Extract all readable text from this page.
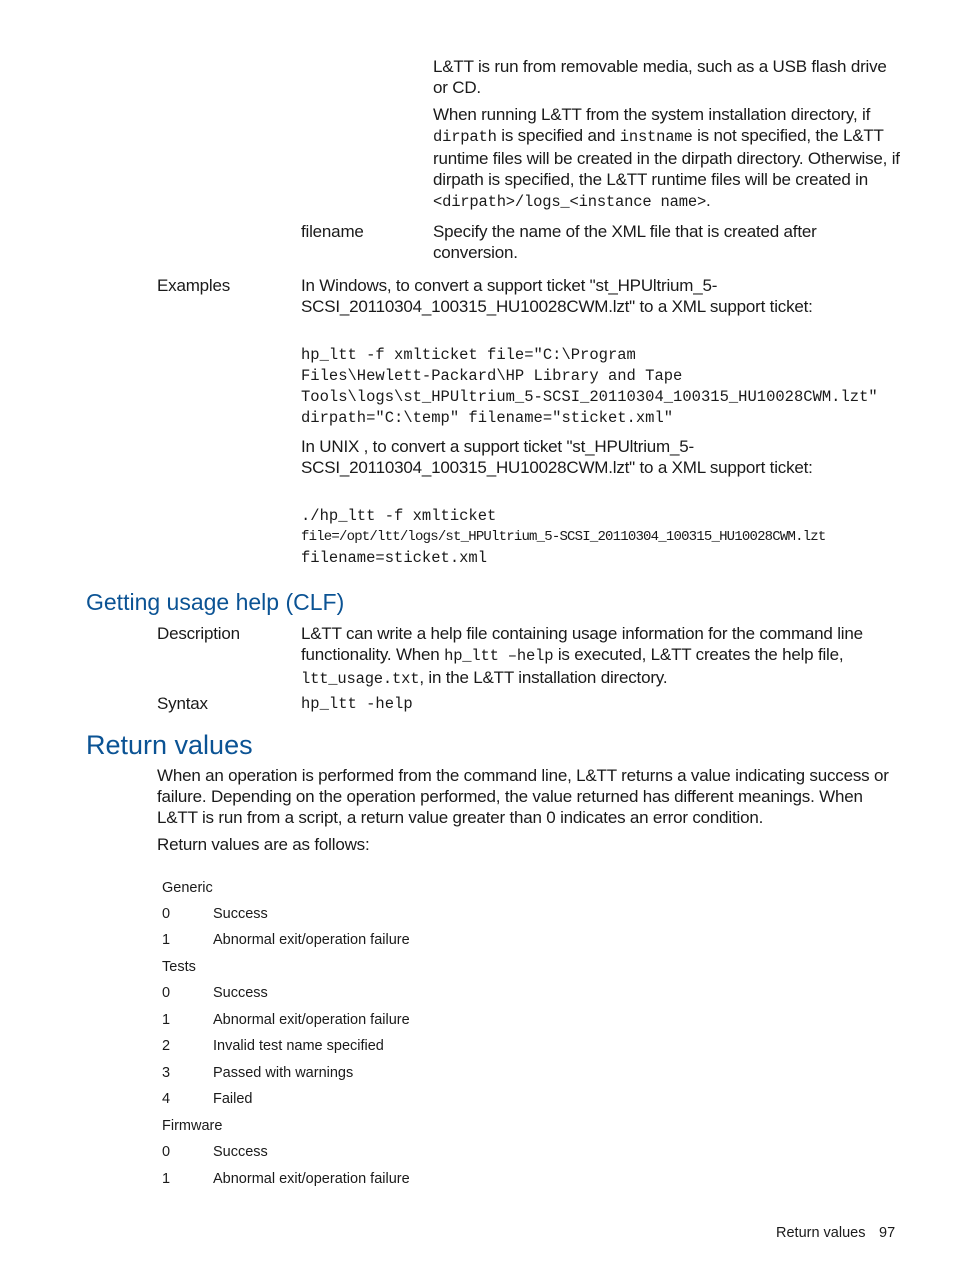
L&TT is run from removable media, such as a USB flash drive or CD.
When running L&TT from the system installation directory, if dirpath is specified and instname is not specified, the L&TT runtime files will be created in the dirpath directory. Otherwise, if dirpath is specified, the L&TT runtime files will be created in <dirpath>/logs_<instance name>.
filename	Specify the name of the XML file that is created after conversion.
Examples	In Windows, to convert a support ticket "st_HPUltrium_5-SCSI_20110304_100315_HU10028CWM.lzt" to a XML support ticket:
hp_ltt -f xmlticket file="C:\Program
Files\Hewlett-Packard\HP Library and Tape
Tools\logs\st_HPUltrium_5-SCSI_20110304_100315_HU10028CWM.lzt"
dirpath="C:\temp" filename="sticket.xml"
In UNIX , to convert a support ticket "st_HPUltrium_5-SCSI_20110304_100315_HU10028CWM.lzt" to a XML support ticket:
./hp_ltt -f xmlticket
file=/opt/ltt/logs/st_HPUltrium_5-SCSI_20110304_100315_HU10028CWM.lzt
filename=sticket.xml
Getting usage help (CLF)
Description	L&TT can write a help file containing usage information for the command line functionality. When hp_ltt –help is executed, L&TT creates the help file, ltt_usage.txt, in the L&TT installation directory.
Syntax	hp_ltt -help
Return values
When an operation is performed from the command line, L&TT returns a value indicating success or failure. Depending on the operation performed, the value returned has different meanings. When L&TT is run from a script, a return value greater than 0 indicates an error condition.
Return values are as follows:
Generic
0	Success
1	Abnormal exit/operation failure
Tests
0	Success
1	Abnormal exit/operation failure
2	Invalid test name specified
3	Passed with warnings
4	Failed
Firmware
0	Success
1	Abnormal exit/operation failure
Return values 97
